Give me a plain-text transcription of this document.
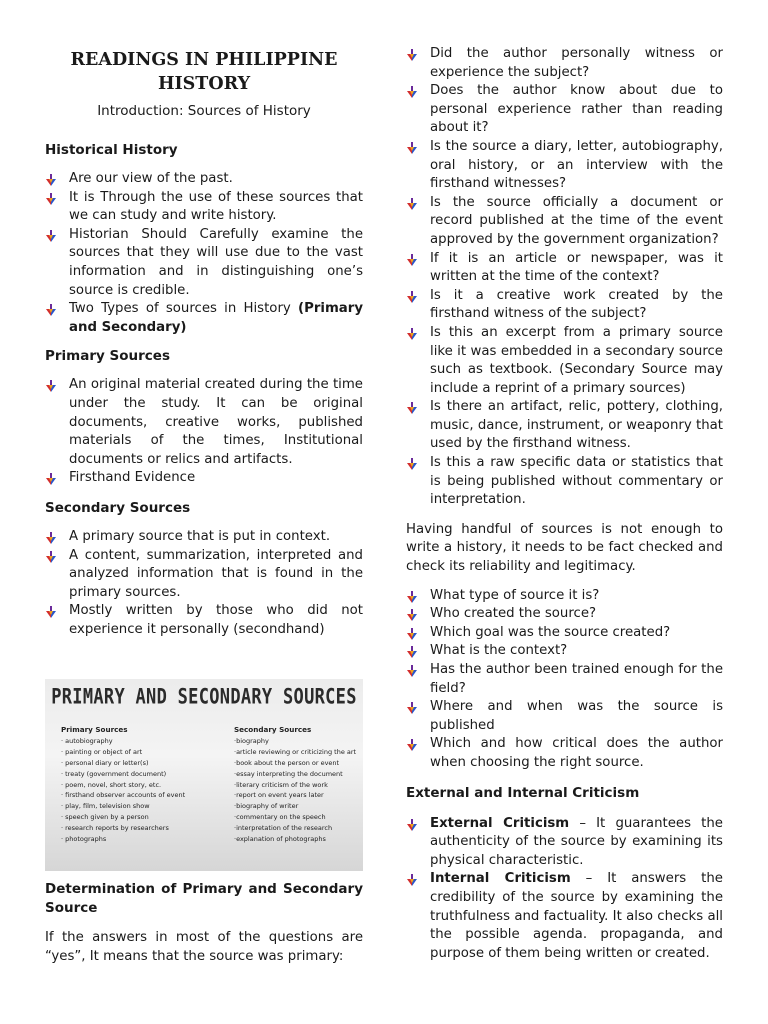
READINGS IN PHILIPPINE
HISTORY
Introduction: Sources of History
Historical History
Are our view of the past.
It is Through the use of these sources that we can study and write history.
Historian Should Carefully examine the sources that they will use due to the vast information and in distinguishing one’s source is credible.
Two Types of sources in History (Primary and Secondary)
Primary Sources
An original material created during the time under the study. It can be original documents, creative works, published materials of the times, Institutional documents or relics and artifacts.
Firsthand Evidence
Secondary Sources
A primary source that is put in context.
A content, summarization, interpreted and analyzed information that is found in the primary sources.
Mostly written by those who did not experience it personally (secondhand)
PRIMARY AND SECONDARY SOURCES
Primary Sources
· autobiography
· painting or object of art
· personal diary or letter(s)
· treaty (government document)
· poem, novel, short story, etc.
· firsthand observer accounts of event
· play, film, television show
· speech given by a person
· research reports by researchers
· photographs
Secondary Sources
·biography
·article reviewing or criticizing the art
·book about the person or event
·essay interpreting the document
·literary criticism of the work
·report on event years later
·biography of writer
·commentary on the speech
·interpretation of the research
·explanation of photographs
Determination of Primary and Secondary Source

If the answers in most of the questions are “yes”, It means that the source was primary:

Did the author personally witness or experience the subject?
Does the author know about due to personal experience rather than reading about it?
Is the source a diary, letter, autobiography, oral history, or an interview with the firsthand witnesses?
Is the source officially a document or record published at the time of the event approved by the government organization?
If it is an article or newspaper, was it written at the time of the context?
Is it a creative work created by the firsthand witness of the subject?
Is this an excerpt from a primary source like it was embedded in a secondary source such as textbook. (Secondary Source may include a reprint of a primary sources)
Is there an artifact, relic, pottery, clothing, music, dance, instrument, or weaponry that used by the firsthand witness.
Is this a raw specific data or statistics that is being published without commentary or interpretation.

Having handful of sources is not enough to write a history, it needs to be fact checked and check its reliability and legitimacy.

What type of source it is?
Who created the source?
Which goal was the source created?
What is the context?
Has the author been trained enough for the field?
Where and when was the source is published
Which and how critical does the author when choosing the right source.
External and Internal Criticism
External Criticism – It guarantees the authenticity of the source by examining its physical characteristic.
Internal Criticism – It answers the credibility of the source by examining the truthfulness and factuality. It also checks all the possible agenda. propaganda, and purpose of them being written or created.
